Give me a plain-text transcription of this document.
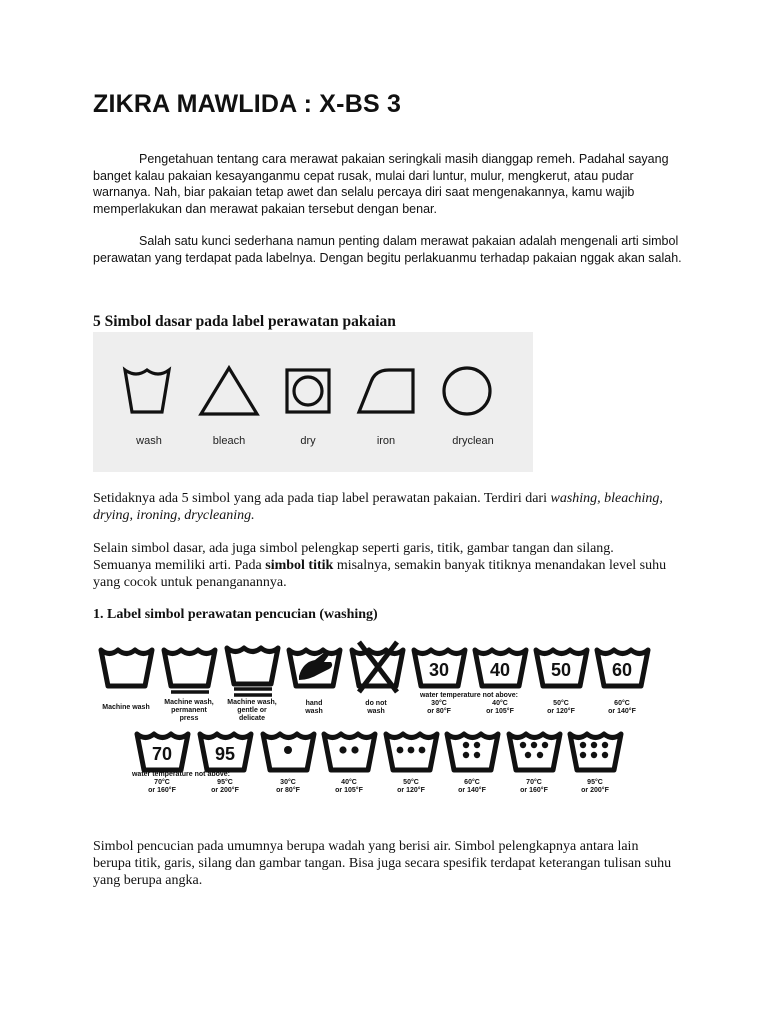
ZIKRA MAWLIDA : X-BS 3
Pengetahuan tentang cara merawat pakaian seringkali masih dianggap remeh. Padahal sayang banget kalau pakaian kesayanganmu cepat rusak, mulai dari luntur, mulur, mengkerut, atau pudar warnanya. Nah, biar pakaian tetap awet dan selalu percaya diri saat mengenakannya, kamu wajib memperlakukan dan merawat pakaian tersebut dengan benar.
Salah satu kunci sederhana namun penting dalam merawat pakaian adalah mengenali arti simbol perawatan yang terdapat pada labelnya. Dengan begitu perlakuanmu terhadap pakaian nggak akan salah.
5 Simbol dasar pada label perawatan pakaian
wash	bleach	dry	iron	dryclean
Setidaknya ada 5 simbol yang ada pada tiap label perawatan pakaian. Terdiri dari washing, bleaching, drying, ironing, drycleaning.
Selain simbol dasar, ada juga simbol pelengkap seperti garis, titik, gambar tangan dan silang. Semuanya memiliki arti. Pada simbol titik misalnya, semakin banyak titiknya menandakan level suhu yang cocok untuk penanganannya.
1. Label simbol perawatan pencucian (washing)
30 40 50 60
70 95
Machine wash
Machine wash,
permanent
press
Machine wash,
gentle or
delicate
hand
wash
do not
wash
water temperature not above:
30°C
or 80°F
40°C
or 105°F
50°C
or 120°F
60°C
or 140°F
water temperature not above:
70°C
or 160°F
95°C
or 200°F
30°C
or 80°F
40°C
or 105°F
50°C
or 120°F
60°C
or 140°F
70°C
or 160°F
95°C
or 200°F
Simbol pencucian pada umumnya berupa wadah yang berisi air. Simbol pelengkapnya antara lain berupa titik, garis, silang dan gambar tangan. Bisa juga secara spesifik terdapat keterangan tulisan suhu yang berupa angka.
